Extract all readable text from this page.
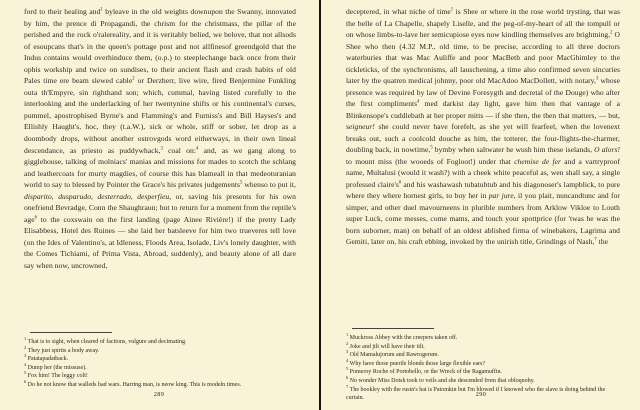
ford to their healing and$^1$ byleave in the old weights downupon the Swanny, innovated by him, the prence di Propagandi, the chrism for the christmass, the pillar of the perished and the rock o'ralereality, and it is veritably belied, we belove, that not allsods of esoupcans that's in the queen's pottage post and not allfinesof greendgold that the Indus contains would overhinduce them, (o.p.) to steeplechange back once from their ophis workship and twice on sundises, to their ancient flash and crash habits of old Pales time ere beam slewed cable$^2$ or Derzherr, live wire, fired Benjermine Funkling outa th'Empyre, sin righthand son; which, cummal, having listed curefully to the interlooking and the underlacking of her twentynine shifts or his continental's curses, pummel, apostrophised Byrne's and Flamming's and Furniss's and Bill Hayses's and Ellishly Haught's, hoc, they (t.a.W.), sick or whole, stiff or sober, let drop as a doombody drops, without another ostrovgods word eitherways, in their own lineal descendance, as priesto as puddywhack,$^3$ coal on:$^4$ and, as we gang along to gigglehouse, talking of molniacs' manias and missions for mades to scotch the schlang and leathercoats for murty magdies, of course this has blameall in that medeoturanian world to say to blessed by Pointer the Grace's his privates judgements$^5$ whenso to put it, disparito, dusparudo, desterrado, desperfieu, or, saving his presents for his own onefriend Bevradge, Conn the Shaughraun; but to return for a moment from the reptile's age$^6$ to the coxswain on the first landing (page Ainee Rivière!) if the pretty Lady Elisabbess, Hotel des Ruines — she laid her batsleeve for him two trueveres tell love (on the Ides of Valentino's, at Idleness, Floods Area, Isolade, Liv's lonely daughter, with the Comes Tichiami, of Prima Vista, Abroad, suddenly), and beauty alone of all dare say when now, uncrowned,
$^1$That is to sight, when cleared of factions, vulgure and decimating.
$^2$They just spirits a body away.
$^3$Patatapadatback.
$^4$Dump her (the missuse).
$^5$Fox him! The leggy colt!
$^6$Do he not know that walleds had wars. Harring man, is neow king. This is modeln times.
289
deceptered, in what niche of time$^1$ is Shee or where in the rose world trysting, that was the belle of La Chapelle, shapely Liselle, and the peg-of-my-heart of all the tompull or on whose limbs-to-lave her semicupiose eyes now kindling themselves are brightning,$^2$ O Shee who then (4.32 M.P., old time, to be precise, according to all three doctors waterburies that was Mac Auliffe and poor MacBeth and poor MacGhimley to the tickleticks, of the synchronisms, all lauschening, a time also confirmed seven sincuries later by the quatren medical johnny, poor old MacAdoo MacDollett, with notary,$^3$ whose presence was required by law of Devine Foresygth and decretal of the Douge) who after the first compliments$^4$ med darkist day light, gave him then that vantage of a Blinkensope's cuddlebath at her proper mitts — if she then, the then that matters, — but, seigneur! she could never have forefelt, as she yet will fearfeel, when the lovenext breaks out, such a coolcold douche as him, the totterer, the four-flights-the-charmer, doubling back, in nowtime,$^5$ bymby when saltwater he wush him these iselands, O alors! to mount miss (the wooeds of Fogloot!) under that chemise de fer and a vartryproof name, Multalusi (would it wash?) with a cheek white peaceful as, wen shall say, a single professed $claire's^6$ and his washawash tubatubtub and his diagonoser's lampblick, to pure where they where hornest girls, to buy her in par jure, il you plait, nuncandtunc and for simper, and other duel mavourneens in plurible numbers from Arklow Vikloe to Louth super Luck, come messes, come mams, and touch your spottprice (for 'twas he was the born suborner, man) on behalf of an oldest ablished firma of winebakers, Lagrima and Gemiti, later on, his craft ebbing, invoked by the unirish title, Grindings of Nash,$^7$ the
$^1$Muckross Abbey with the creepers taken off.
$^2$Joke and jilt will have their tilt.
$^3$Old Mamalujorum and Rawrogerum.
$^4$Why have those puerile blonds those large flexible ears?
$^5$Pomeroy Roche of Portobello, or the Wreck of the Ragamuffin.
$^6$No wonder Miss Dotsh took to veils and she descended from that obloquohy.
$^7$The bookley with the rusin's hat is Patomkin but I'm blowed if I knowed who the slave is doing behind the curtain.
290
